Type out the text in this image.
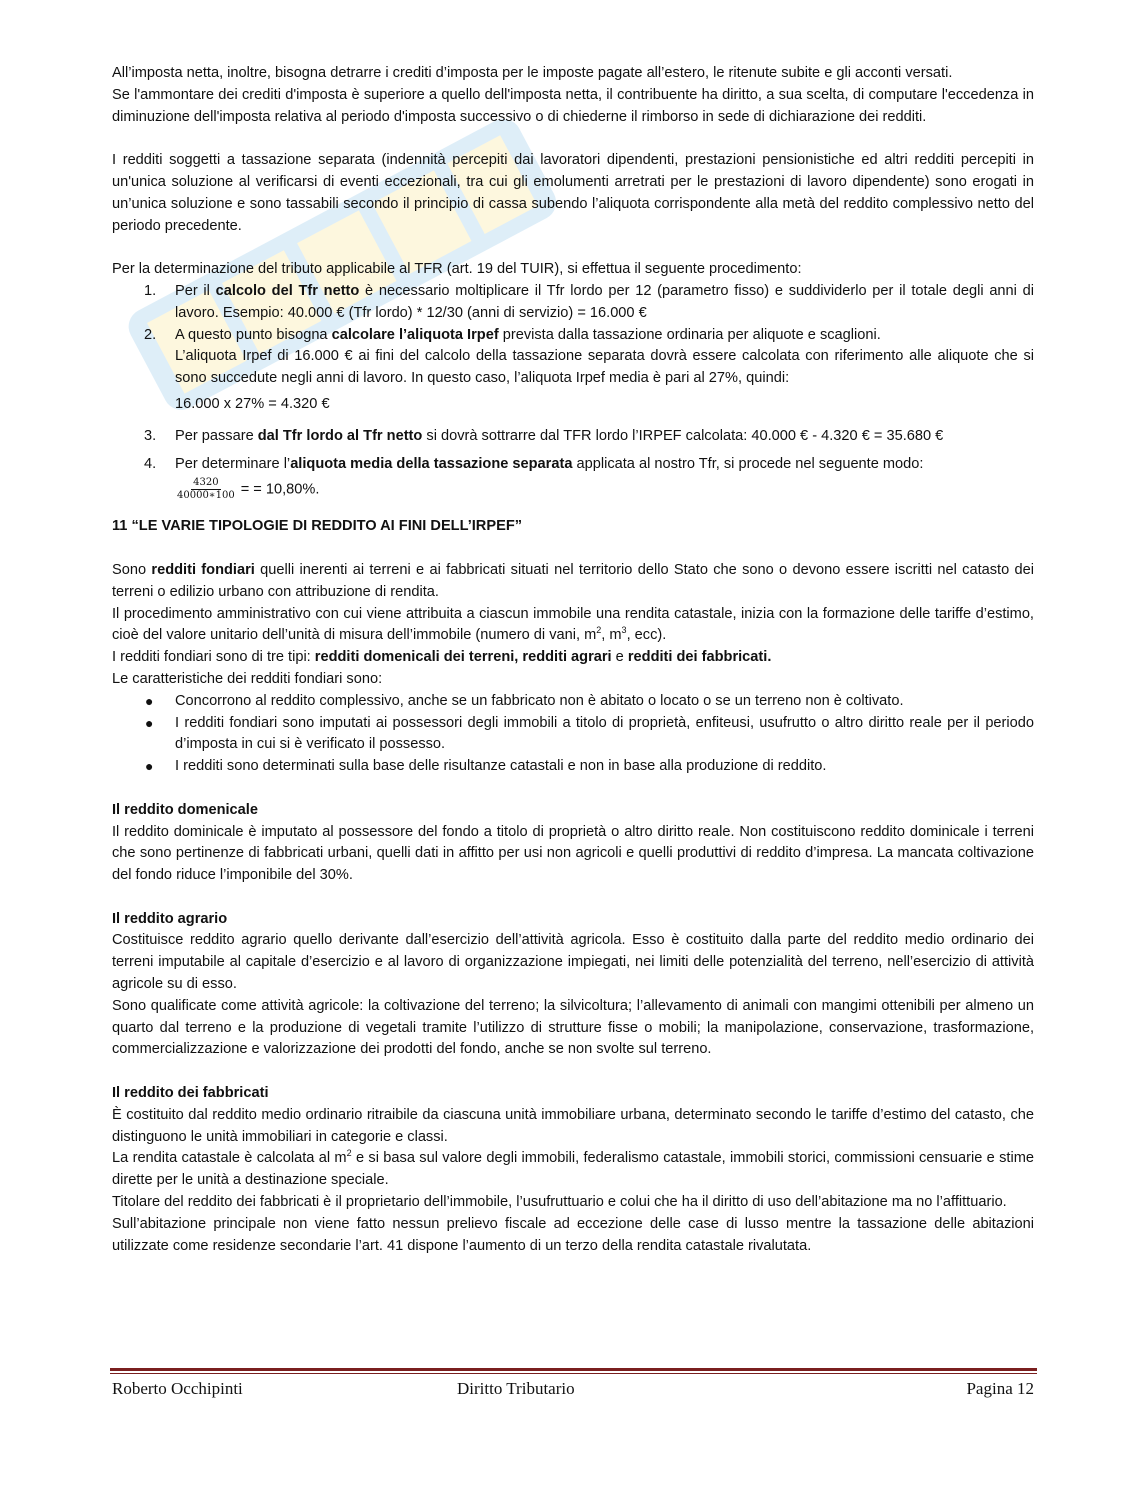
All’imposta netta, inoltre, bisogna detrarre i crediti d’imposta per le imposte pagate all’estero, le ritenute subite e gli acconti versati.

Se l'ammontare dei crediti d'imposta è superiore a quello dell'imposta netta, il contribuente ha diritto, a sua scelta, di computare l'eccedenza in diminuzione dell'imposta relativa al periodo d'imposta successivo o di chiederne il rimborso in sede di dichiarazione dei redditi.

I redditi soggetti a tassazione separata (indennità percepiti dai lavoratori dipendenti, prestazioni pensionistiche ed altri redditi percepiti in un'unica soluzione al verificarsi di eventi eccezionali, tra cui gli emolumenti arretrati per le prestazioni di lavoro dipendente) sono erogati in un’unica soluzione e sono tassabili secondo il principio di cassa subendo l’aliquota corrispondente alla metà del reddito complessivo netto del periodo precedente.

Per la determinazione del tributo applicabile al TFR (art. 19 del TUIR), si effettua il seguente procedimento:

1. Per il calcolo del Tfr netto è necessario moltiplicare il Tfr lordo per 12 (parametro fisso) e suddividerlo per il totale degli anni di lavoro. Esempio: 40.000 € (Tfr lordo) * 12/30 (anni di servizio) = 16.000 €
2. A questo punto bisogna calcolare l’aliquota Irpef prevista dalla tassazione ordinaria per aliquote e scaglioni.
L’aliquota Irpef di 16.000 € ai fini del calcolo della tassazione separata dovrà essere calcolata con riferimento alle aliquote che si sono succedute negli anni di lavoro. In questo caso, l’aliquota Irpef media è pari al 27%, quindi:
16.000 x 27% = 4.320 €
3. Per passare dal Tfr lordo al Tfr netto si dovrà sottrarre dal TFR lordo l’IRPEF calcolata: 40.000 € - 4.320 € = 35.680 €
4. Per determinare l’aliquota media della tassazione separata applicata al nostro Tfr, si procede nel seguente modo:
$\frac{4320}{40000∗100}$ = = 10,80%.
11 “LE VARIE TIPOLOGIE DI REDDITO AI FINI DELL’IRPEF”

Sono redditi fondiari quelli inerenti ai terreni e ai fabbricati situati nel territorio dello Stato che sono o devono essere iscritti nel catasto dei terreni o edilizio urbano con attribuzione di rendita.

Il procedimento amministrativo con cui viene attribuita a ciascun immobile una rendita catastale, inizia con la formazione delle tariffe d’estimo, cioè del valore unitario dell’unità di misura dell’immobile (numero di vani, $m^2$, $m^3$, ecc).

I redditi fondiari sono di tre tipi: redditi domenicali dei terreni, redditi agrari e redditi dei fabbricati.

Le caratteristiche dei redditi fondiari sono:

● Concorrono al reddito complessivo, anche se un fabbricato non è abitato o locato o se un terreno non è coltivato.
● I redditi fondiari sono imputati ai possessori degli immobili a titolo di proprietà, enfiteusi, usufrutto o altro diritto reale per il periodo d’imposta in cui si è verificato il possesso.
● I redditi sono determinati sulla base delle risultanze catastali e non in base alla produzione di reddito.
Il reddito domenicale

Il reddito dominicale è imputato al possessore del fondo a titolo di proprietà o altro diritto reale. Non costituiscono reddito dominicale i terreni che sono pertinenze di fabbricati urbani, quelli dati in affitto per usi non agricoli e quelli produttivi di reddito d’impresa. La mancata coltivazione del fondo riduce l’imponibile del 30%.

Il reddito agrario

Costituisce reddito agrario quello derivante dall’esercizio dell’attività agricola. Esso è costituito dalla parte del reddito medio ordinario dei terreni imputabile al capitale d’esercizio e al lavoro di organizzazione impiegati, nei limiti delle potenzialità del terreno, nell’esercizio di attività agricole su di esso.

Sono qualificate come attività agricole: la coltivazione del terreno; la silvicoltura; l’allevamento di animali con mangimi ottenibili per almeno un quarto dal terreno e la produzione di vegetali tramite l’utilizzo di strutture fisse o mobili; la manipolazione, conservazione, trasformazione, commercializzazione e valorizzazione dei prodotti del fondo, anche se non svolte sul terreno.

Il reddito dei fabbricati

È costituito dal reddito medio ordinario ritraibile da ciascuna unità immobiliare urbana, determinato secondo le tariffe d’estimo del catasto, che distinguono le unità immobiliari in categorie e classi.

La rendita catastale è calcolata al $m^2$ e si basa sul valore degli immobili, federalismo catastale, immobili storici, commissioni censuarie e stime dirette per le unità a destinazione speciale.

Titolare del reddito dei fabbricati è il proprietario dell’immobile, l’usufruttuario e colui che ha il diritto di uso dell’abitazione ma no l’affittuario.

Sull’abitazione principale non viene fatto nessun prelievo fiscale ad eccezione delle case di lusso mentre la tassazione delle abitazioni utilizzate come residenze secondarie l’art. 41 dispone l’aumento di un terzo della rendita catastale rivalutata.

Roberto Occhipinti	Diritto Tributario	Pagina 12
